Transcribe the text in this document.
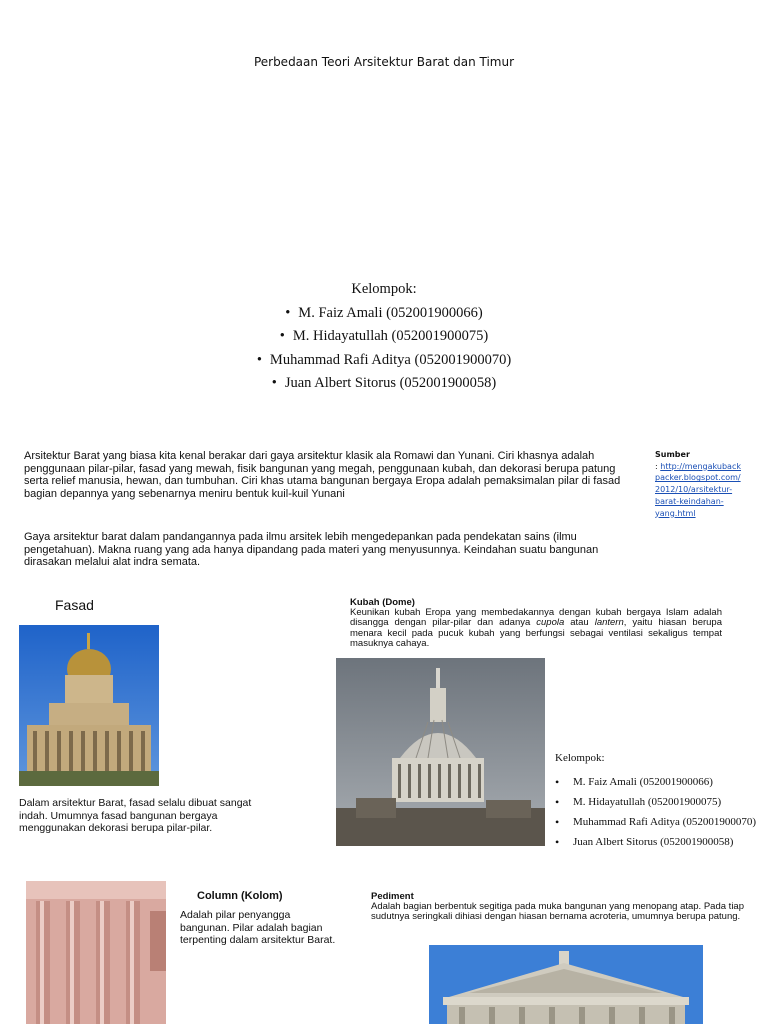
Perbedaan Teori Arsitektur Barat dan Timur
Kelompok:
• M. Faiz Amali (052001900066)
• M. Hidayatullah (052001900075)
• Muhammad Rafi Aditya (052001900070)
• Juan Albert Sitorus (052001900058)
Arsitektur Barat yang biasa kita kenal berakar dari gaya arsitektur klasik ala Romawi dan Yunani. Ciri khasnya adalah penggunaan pilar-pilar, fasad yang mewah, fisik bangunan yang megah, penggunaan kubah, dan dekorasi berupa patung serta relief manusia, hewan, dan tumbuhan. Ciri khas utama bangunan bergaya Eropa adalah pemaksimalan pilar di fasad bagian depannya yang sebenarnya meniru bentuk kuil-kuil Yunani
Gaya arsitektur barat dalam pandangannya pada ilmu arsitek lebih mengedepankan pada pendekatan sains (ilmu pengetahuan). Makna ruang yang ada hanya dipandang pada materi yang menyusunnya. Keindahan suatu bangunan dirasakan melalui alat indra semata.
Sumber
: http://mengakuback packer.blogspot.com/ 2012/10/arsitektur-barat-keindahan-yang.html
Fasad
Dalam arsitektur Barat, fasad selalu dibuat sangat indah. Umumnya fasad bangunan bergaya menggunakan dekorasi berupa pilar-pilar.
Kubah (Dome)
Keunikan kubah Eropa yang membedakannya dengan kubah bergaya Islam adalah disangga dengan pilar-pilar dan adanya cupola atau lantern, yaitu hiasan berupa menara kecil pada pucuk kubah yang berfungsi sebagai ventilasi sekaligus tempat masuknya cahaya.
Kelompok:
• M. Faiz Amali (052001900066)
• M. Hidayatullah (052001900075)
• Muhammad Rafi Aditya (052001900070)
• Juan Albert Sitorus (052001900058)
Column (Kolom)
Adalah pilar penyangga bangunan. Pilar adalah bagian terpenting dalam arsitektur Barat.
Pediment
Adalah bagian berbentuk segitiga pada muka bangunan yang menopang atap. Pada tiap sudutnya seringkali dihiasi dengan hiasan bernama acroteria, umumnya berupa patung.
